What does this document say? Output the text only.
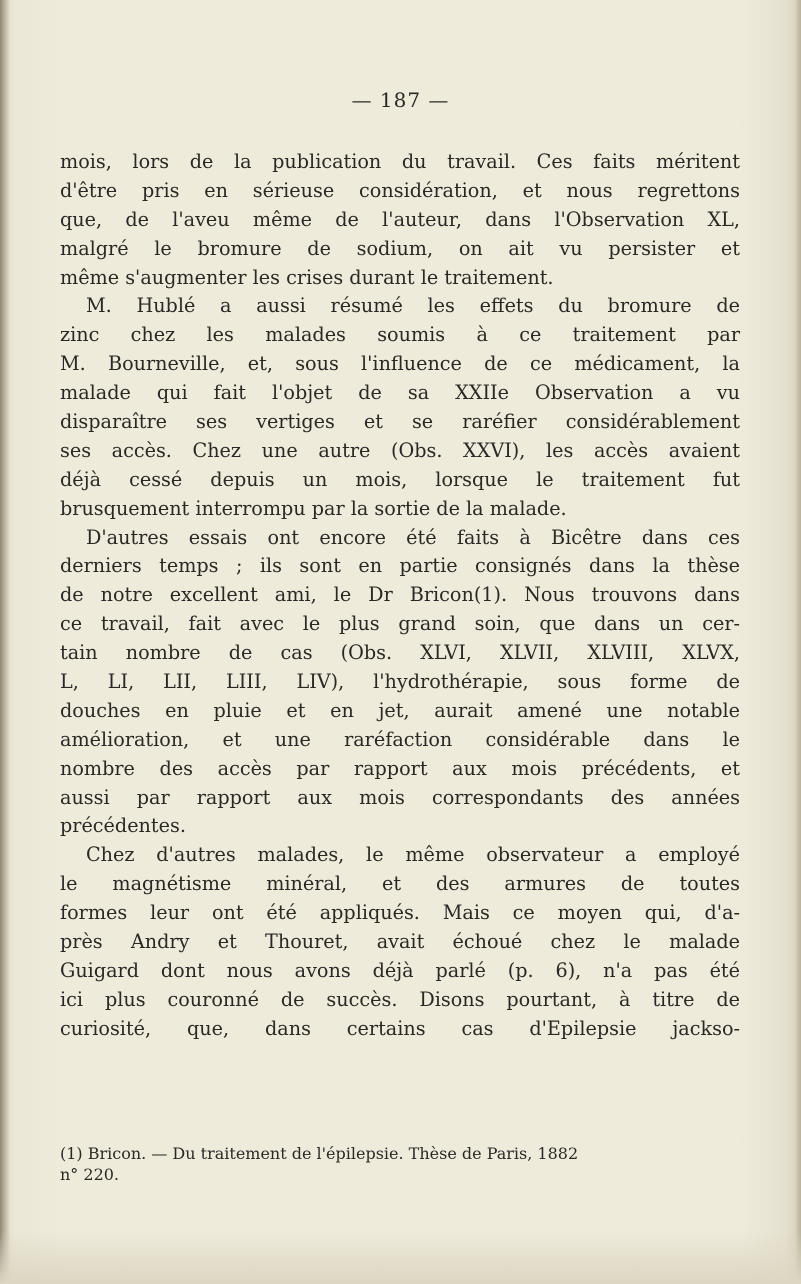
— 187 —
mois, lors de la publication du travail. Ces faits méritent
d'être pris en sérieuse considération, et nous regrettons
que, de l'aveu même de l'auteur, dans l'Observation XL,
malgré le bromure de sodium, on ait vu persister et
même s'augmenter les crises durant le traitement.
M. Hublé a aussi résumé les effets du bromure de
zinc chez les malades soumis à ce traitement par
M. Bourneville, et, sous l'influence de ce médicament, la
malade qui fait l'objet de sa XXIIe Observation a vu
disparaître ses vertiges et se raréfier considérablement
ses accès. Chez une autre (Obs. XXVI), les accès avaient
déjà cessé depuis un mois, lorsque le traitement fut
brusquement interrompu par la sortie de la malade.
D'autres essais ont encore été faits à Bicêtre dans ces
derniers temps ; ils sont en partie consignés dans la thèse
de notre excellent ami, le Dr Bricon(1). Nous trouvons dans
ce travail, fait avec le plus grand soin, que dans un cer-
tain nombre de cas (Obs. XLVI, XLVII, XLVIII, XLVX,
L, LI, LII, LIII, LIV), l'hydrothérapie, sous forme de
douches en pluie et en jet, aurait amené une notable
amélioration, et une raréfaction considérable dans le
nombre des accès par rapport aux mois précédents, et
aussi par rapport aux mois correspondants des années
précédentes.
Chez d'autres malades, le même observateur a employé
le magnétisme minéral, et des armures de toutes
formes leur ont été appliqués. Mais ce moyen qui, d'a-
près Andry et Thouret, avait échoué chez le malade
Guigard dont nous avons déjà parlé (p. 6), n'a pas été
ici plus couronné de succès. Disons pourtant, à titre de
curiosité, que, dans certains cas d'Epilepsie jackso-
(1) Bricon. — Du traitement de l'épilepsie. Thèse de Paris, 1882
n° 220.
